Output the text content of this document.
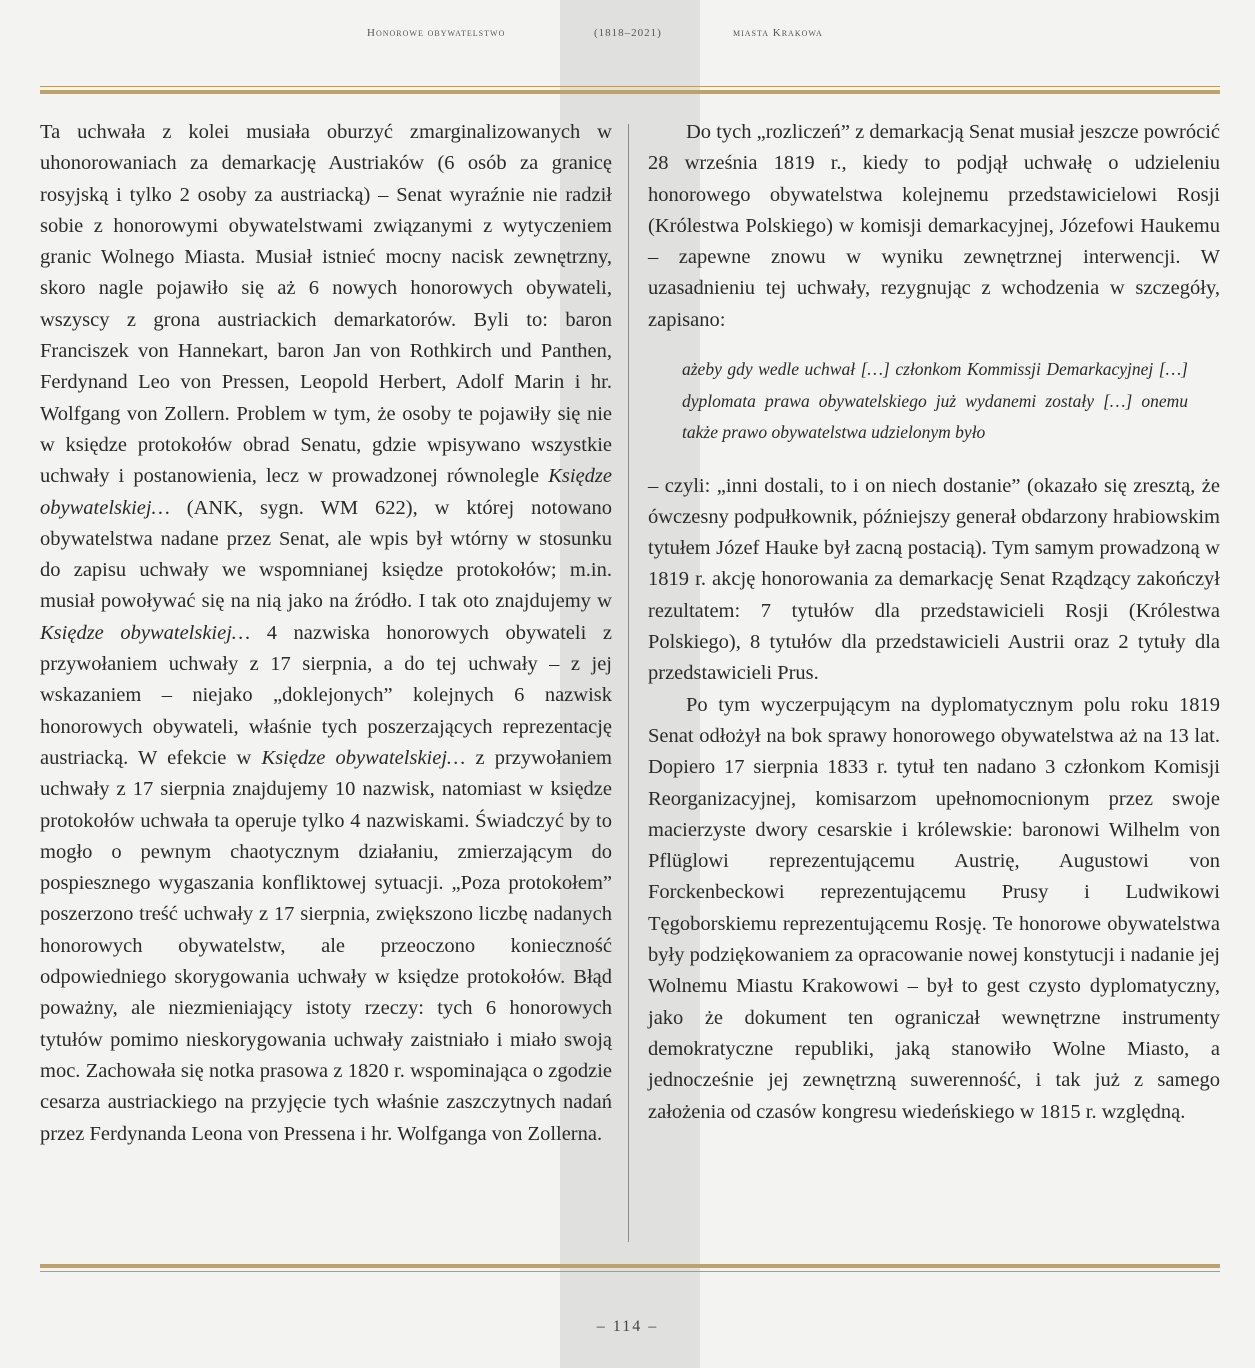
Honorowe obywatelstwo	(1818–2021)	miasta Krakowa

Ta uchwała z kolei musiała oburzyć zmarginalizowanych w uhonorowaniach za demarkację Austriaków (6 osób za granicę rosyjską i tylko 2 osoby za austriacką) – Senat wyraźnie nie radził sobie z honorowymi obywatelstwami związanymi z wytyczeniem granic Wolnego Miasta. Musiał istnieć mocny nacisk zewnętrzny, skoro nagle pojawiło się aż 6 nowych honorowych obywateli, wszyscy z grona austriackich demarkatorów. Byli to: baron Franciszek von Hannekart, baron Jan von Rothkirch und Panthen, Ferdynand Leo von Pressen, Leopold Herbert, Adolf Marin i hr. Wolfgang von Zollern. Problem w tym, że osoby te pojawiły się nie w księdze protokołów obrad Senatu, gdzie wpisywano wszystkie uchwały i postanowienia, lecz w prowadzonej równolegle Księdze obywatelskiej… (ANK, sygn. WM 622), w której notowano obywatelstwa nadane przez Senat, ale wpis był wtórny w stosunku do zapisu uchwały we wspomnianej księdze protokołów; m.in. musiał powoływać się na nią jako na źródło. I tak oto znajdujemy w Księdze obywatelskiej… 4 nazwiska honorowych obywateli z przywołaniem uchwały z 17 sierpnia, a do tej uchwały – z jej wskazaniem – niejako „doklejonych” kolejnych 6 nazwisk honorowych obywateli, właśnie tych poszerzających reprezentację austriacką. W efekcie w Księdze obywatelskiej… z przywołaniem uchwały z 17 sierpnia znajdujemy 10 nazwisk, natomiast w księdze protokołów uchwała ta operuje tylko 4 nazwiskami. Świadczyć by to mogło o pewnym chaotycznym działaniu, zmierzającym do pospiesznego wygaszania konfliktowej sytuacji. „Poza protokołem” poszerzono treść uchwały z 17 sierpnia, zwiększono liczbę nadanych honorowych obywatelstw, ale przeoczono konieczność odpowiedniego skorygowania uchwały w księdze protokołów. Błąd poważny, ale niezmieniający istoty rzeczy: tych 6 honorowych tytułów pomimo nieskorygowania uchwały zaistniało i miało swoją moc. Zachowała się notka prasowa z 1820 r. wspominająca o zgodzie cesarza austriackiego na przyjęcie tych właśnie zaszczytnych nadań przez Ferdynanda Leona von Pressena i hr. Wolfganga von Zollerna.

Do tych „rozliczeń” z demarkacją Senat musiał jeszcze powrócić 28 września 1819 r., kiedy to podjął uchwałę o udzieleniu honorowego obywatelstwa kolejnemu przedstawicielowi Rosji (Królestwa Polskiego) w komisji demarkacyjnej, Józefowi Haukemu – zapewne znowu w wyniku zewnętrznej interwencji. W uzasadnieniu tej uchwały, rezygnując z wchodzenia w szczegóły, zapisano:

ażeby gdy wedle uchwał […] członkom Kommissji Demarkacyjnej […] dyplomata prawa obywatelskiego już wydanemi zostały […] onemu także prawo obywatelstwa udzielonym było

– czyli: „inni dostali, to i on niech dostanie” (okazało się zresztą, że ówczesny podpułkownik, późniejszy generał obdarzony hrabiowskim tytułem Józef Hauke był zacną postacią). Tym samym prowadzoną w 1819 r. akcję honorowania za demarkację Senat Rządzący zakończył rezultatem: 7 tytułów dla przedstawicieli Rosji (Królestwa Polskiego), 8 tytułów dla przedstawicieli Austrii oraz 2 tytuły dla przedstawicieli Prus.

Po tym wyczerpującym na dyplomatycznym polu roku 1819 Senat odłożył na bok sprawy honorowego obywatelstwa aż na 13 lat. Dopiero 17 sierpnia 1833 r. tytuł ten nadano 3 członkom Komisji Reorganizacyjnej, komisarzom upełnomocnionym przez swoje macierzyste dwory cesarskie i królewskie: baronowi Wilhelm von Pflüglowi reprezentującemu Austrię, Augustowi von Forckenbeckowi reprezentującemu Prusy i Ludwikowi Tęgoborskiemu reprezentującemu Rosję. Te honorowe obywatelstwa były podziękowaniem za opracowanie nowej konstytucji i nadanie jej Wolnemu Miastu Krakowowi – był to gest czysto dyplomatyczny, jako że dokument ten ograniczał wewnętrzne instrumenty demokratyczne republiki, jaką stanowiło Wolne Miasto, a jednocześnie jej zewnętrzną suwerenność, i tak już z samego założenia od czasów kongresu wiedeńskiego w 1815 r. względną.

– 114 –
